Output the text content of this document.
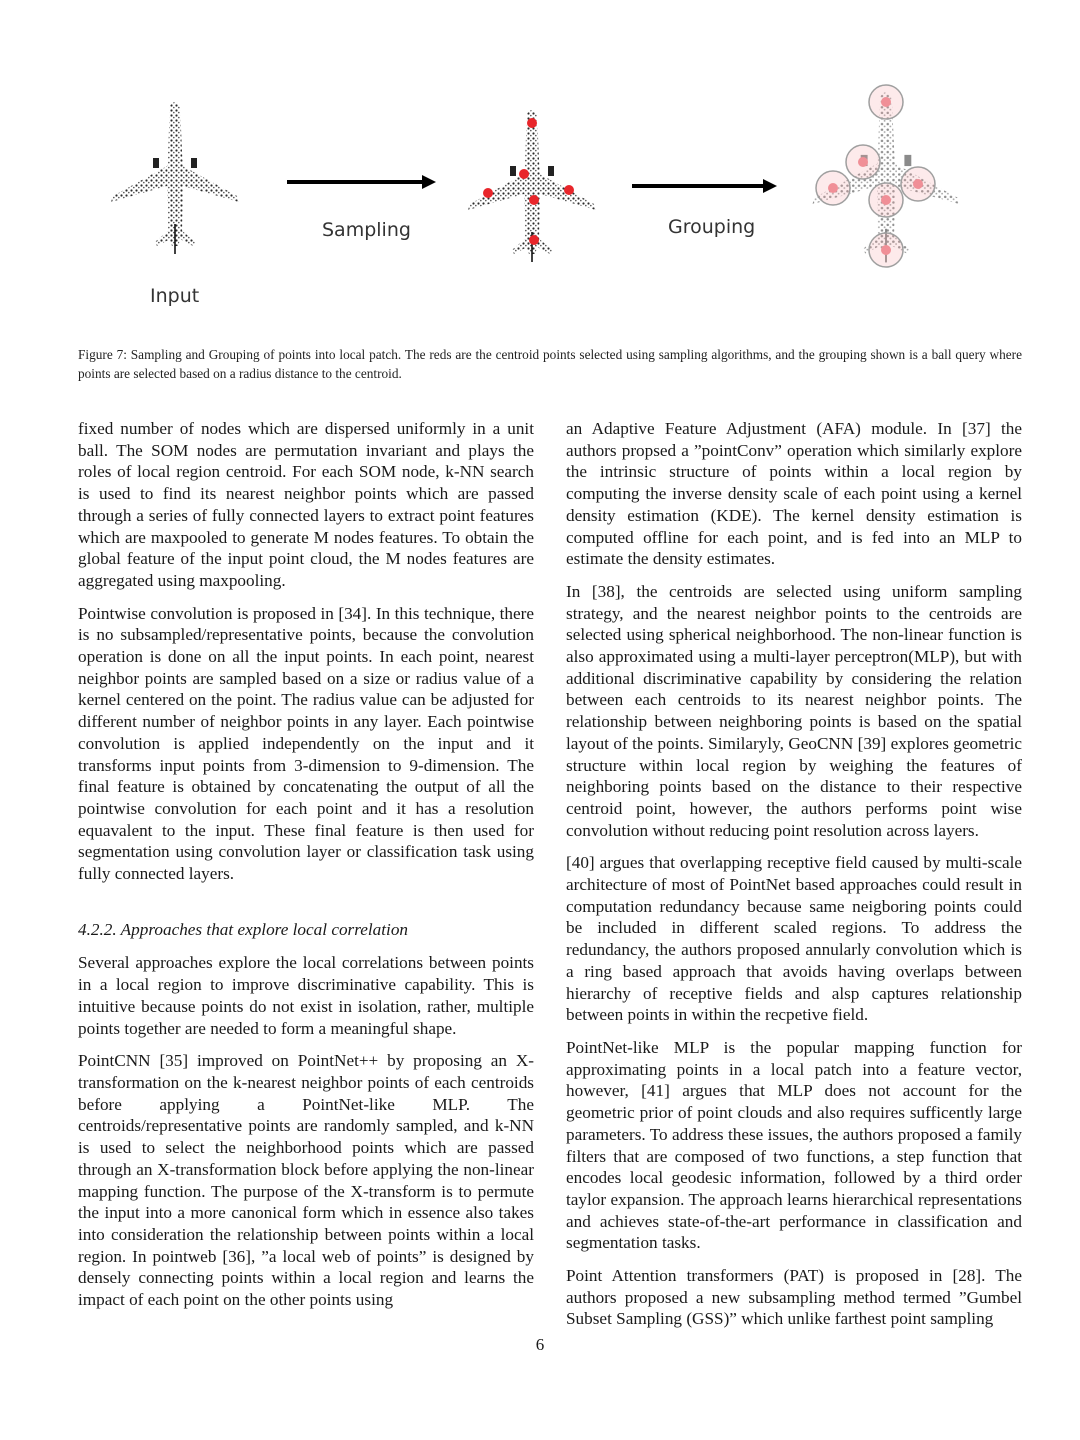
Input
Sampling	Grouping
Figure 7: Sampling and Grouping of points into local patch. The reds are the centroid points selected using sampling algorithms, and the grouping shown is a ball query where points are selected based on a radius distance to the centroid.

fixed number of nodes which are dispersed uniformly in a unit ball. The SOM nodes are permutation invariant and plays the roles of local region centroid. For each SOM node, k-NN search is used to find its nearest neighbor points which are passed through a series of fully connected layers to extract point features which are maxpooled to generate M nodes features. To obtain the global feature of the input point cloud, the M nodes features are aggregated using maxpooling.

Pointwise convolution is proposed in [34]. In this technique, there is no subsampled/representative points, because the convolution operation is done on all the input points. In each point, nearest neighbor points are sampled based on a size or radius value of a kernel centered on the point. The radius value can be adjusted for different number of neighbor points in any layer. Each pointwise convolution is applied independently on the input and it transforms input points from 3-dimension to 9-dimension. The final feature is obtained by concatenating the output of all the pointwise convolution for each point and it has a resolution equavalent to the input. These final feature is then used for segmentation using convolution layer or classification task using fully connected layers.

4.2.2. Approaches that explore local correlation

Several approaches explore the local correlations between points in a local region to improve discriminative capability. This is intuitive because points do not exist in isolation, rather, multiple points together are needed to form a meaningful shape.

PointCNN [35] improved on PointNet++ by proposing an X-transformation on the k-nearest neighbor points of each centroids before applying a PointNet-like MLP. The centroids/representative points are randomly sampled, and k-NN is used to select the neighborhood points which are passed through an X-transformation block before applying the non-linear mapping function. The purpose of the X-transform is to permute the input into a more canonical form which in essence also takes into consideration the relationship between points within a local region. In pointweb [36], ”a local web of points” is designed by densely connecting points within a local region and learns the impact of each point on the other points using

an Adaptive Feature Adjustment (AFA) module. In [37] the authors propsed a ”pointConv” operation which similarly explore the intrinsic structure of points within a local region by computing the inverse density scale of each point using a kernel density estimation (KDE). The kernel density estimation is computed offline for each point, and is fed into an MLP to estimate the density estimates.

In [38], the centroids are selected using uniform sampling strategy, and the nearest neighbor points to the centroids are selected using spherical neighborhood. The non-linear function is also approximated using a multi-layer perceptron(MLP), but with additional discriminative capability by considering the relation between each centroids to its nearest neighbor points. The relationship between neighboring points is based on the spatial layout of the points. Similaryly, GeoCNN [39] explores geometric structure within local region by weighing the features of neighboring points based on the distance to their respective centroid point, however, the authors performs point wise convolution without reducing point resolution across layers.

[40] argues that overlapping receptive field caused by multi-scale architecture of most of PointNet based approaches could result in computation redundancy because same neigboring points could be included in different scaled regions. To address the redundancy, the authors proposed annularly convolution which is a ring based approach that avoids having overlaps between hierarchy of receptive fields and alsp captures relationship between points in within the recpetive field.

PointNet-like MLP is the popular mapping function for approximating points in a local patch into a feature vector, however, [41] argues that MLP does not account for the geometric prior of point clouds and also requires sufficently large parameters. To address these issues, the authors proposed a family filters that are composed of two functions, a step function that encodes local geodesic information, followed by a third order taylor expansion. The approach learns hierarchical representations and achieves state-of-the-art performance in classification and segmentation tasks.

Point Attention transformers (PAT) is proposed in [28]. The authors proposed a new subsampling method termed ”Gumbel Subset Sampling (GSS)” which unlike farthest point sampling

6
